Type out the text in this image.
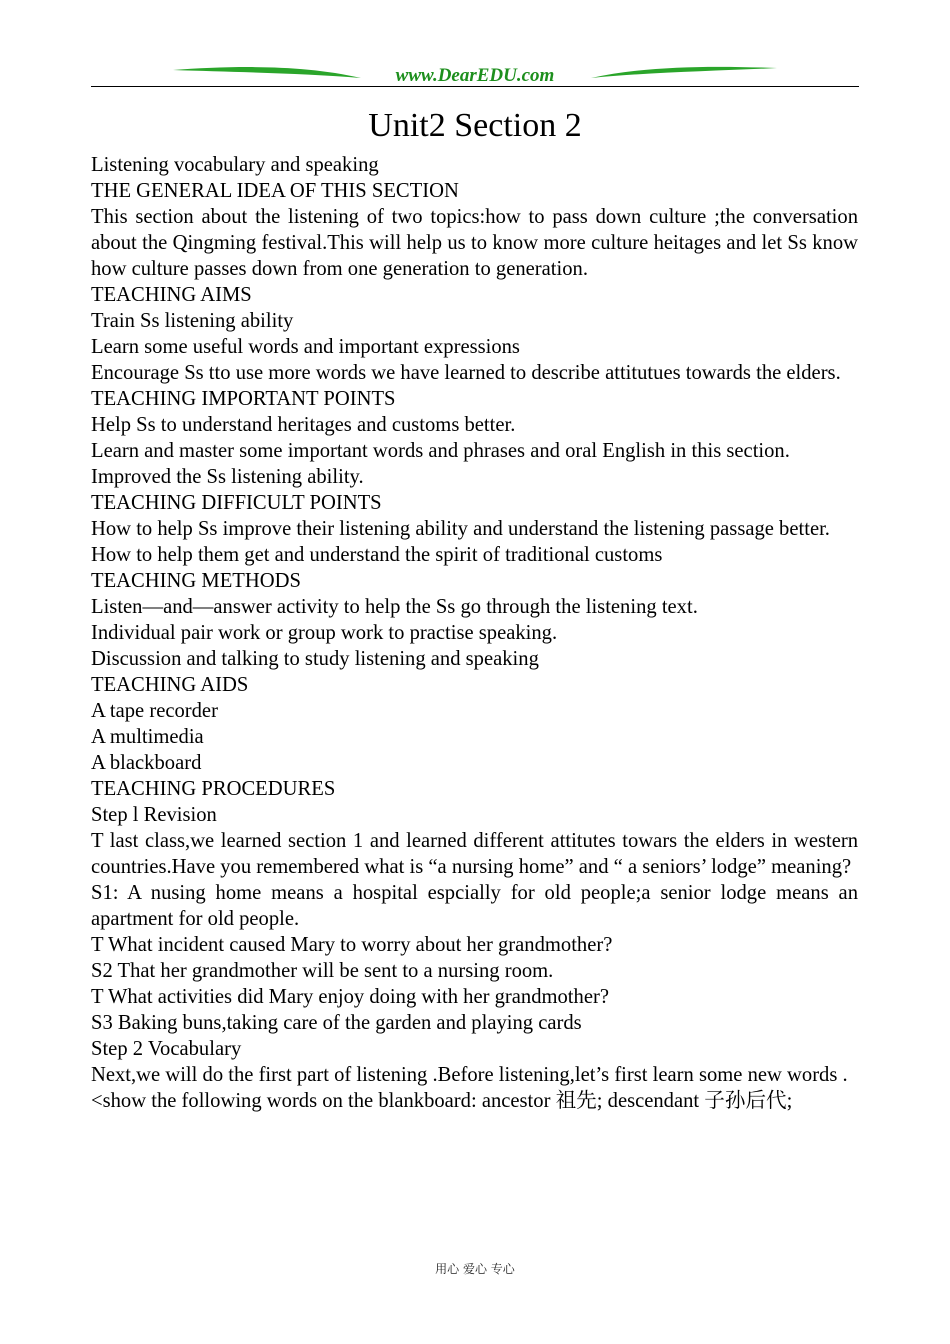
www.DearEDU.com
Unit2 Section 2

Listening vocabulary and speaking

THE GENERAL IDEA OF THIS SECTION

This section about the listening of two topics:how to pass down culture ;the conversation about the Qingming festival.This will help us to know more culture heitages and let Ss know how culture passes down from one generation to generation.

TEACHING AIMS

Train Ss listening ability

Learn some useful words and important expressions

Encourage Ss tto use more words we have learned to describe attitutues towards the elders.

TEACHING IMPORTANT POINTS

Help Ss to understand heritages and customs better.

Learn and master some important words and phrases and oral English in this section.

Improved the Ss listening ability.

TEACHING DIFFICULT POINTS

How to help Ss improve their listening ability and understand the listening passage better.

How to help them get and understand the spirit of traditional customs

TEACHING METHODS

Listen—and—answer activity to help the Ss go through the listening text.

Individual pair work or group work to practise speaking.

Discussion and talking to study listening and speaking

TEACHING AIDS

A tape recorder

A multimedia

A blackboard

TEACHING PROCEDURES

Step l Revision

T last class,we learned section 1 and learned different attitutes towars the elders in western countries.Have you remembered what is “a nursing home” and “ a seniors’ lodge” meaning?

S1: A nusing home means a hospital espcially for old people;a senior lodge means an apartment for old people.

T What incident caused Mary to worry about her grandmother?

S2 That her grandmother will be sent to a nursing room.

T What activities did Mary enjoy doing with her grandmother?

S3 Baking buns,taking care of the garden and playing cards

Step 2 Vocabulary

Next,we will do the first part of listening .Before listening,let’s first learn some new words .

<show the following words on the blankboard: ancestor 祖先; descendant 子孙后代;

用心 爱心 专心
